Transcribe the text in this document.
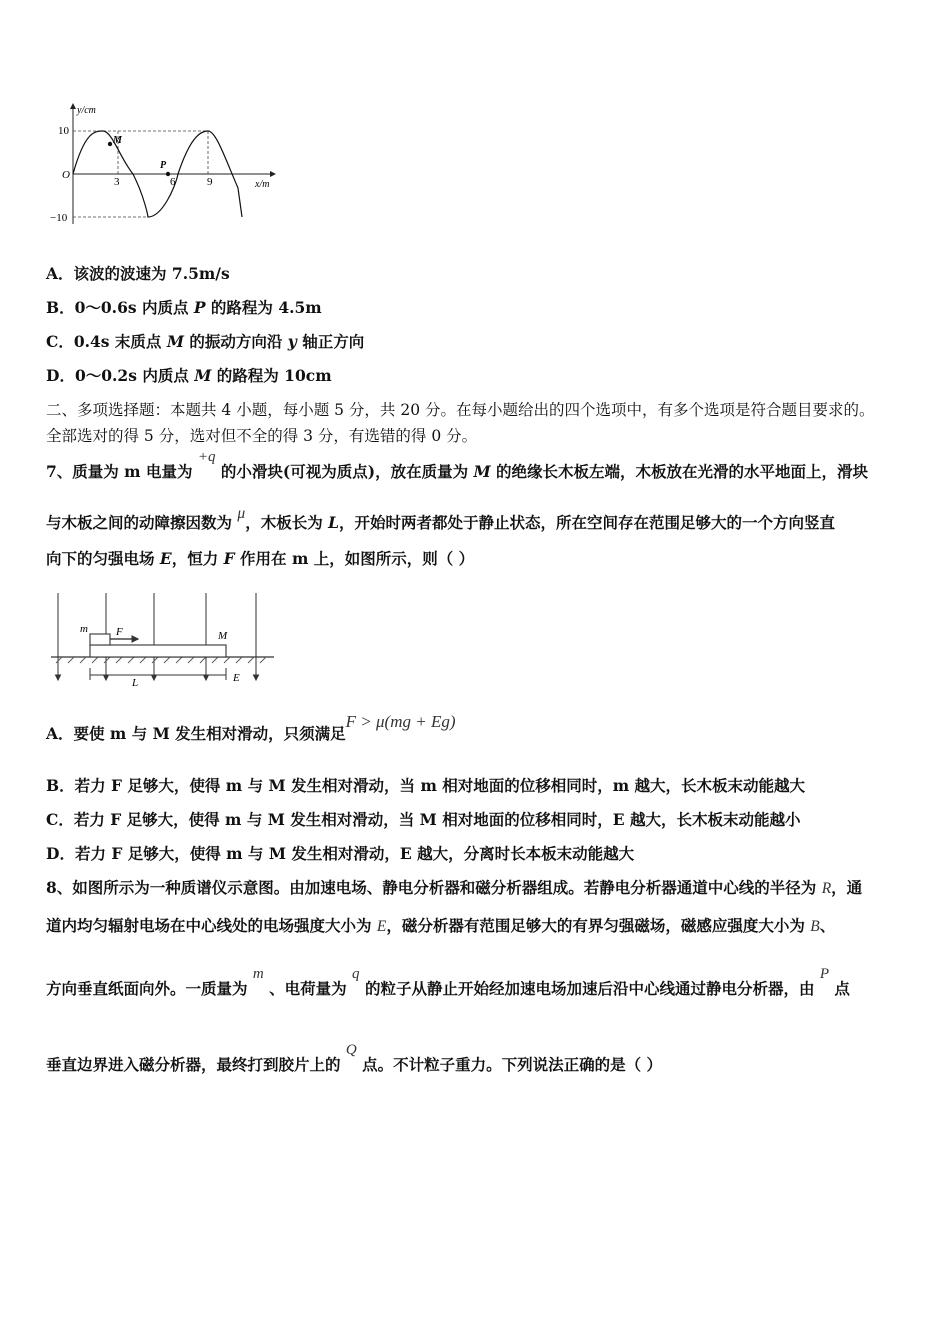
y/cm
10
−10
O
3	6	9	x/m
M
P
A．该波的波速为 7.5m/s
B．0～0.6s 内质点 P 的路程为 4.5m
C．0.4s 末质点 M 的振动方向沿 y 轴正方向
D．0～0.2s 内质点 M 的路程为 10cm
二、多项选择题：本题共 4 小题，每小题 5 分，共 20 分。在每小题给出的四个选项中，有多个选项是符合题目要求的。
全部选对的得 5 分，选对但不全的得 3 分，有选错的得 0 分。
7、质量为 m 电量为 +q 的小滑块(可视为质点)，放在质量为 M 的绝缘长木板左端，木板放在光滑的水平地面上，滑块
与木板之间的动障擦因数为 μ，木板长为 L，开始时两者都处于静止状态，所在空间存在范围足够大的一个方向竖直
向下的匀强电场 E，恒力 F 作用在 m 上，如图所示，则（ ）
m	F	M
L	E
A．要使 m 与 M 发生相对滑动，只须满足F > μ(mg + Eg)
B．若力 F 足够大，使得 m 与 M 发生相对滑动，当 m 相对地面的位移相同时，m 越大，长木板末动能越大
C．若力 F 足够大，使得 m 与 M 发生相对滑动，当 M 相对地面的位移相同时，E 越大，长木板末动能越小
D．若力 F 足够大，使得 m 与 M 发生相对滑动，E 越大，分离时长本板末动能越大
8、如图所示为一种质谱仪示意图。由加速电场、静电分析器和磁分析器组成。若静电分析器通道中心线的半径为 R，通
道内均匀辐射电场在中心线处的电场强度大小为 E，磁分析器有范围足够大的有界匀强磁场，磁感应强度大小为 B、
方向垂直纸面向外。一质量为 m 、电荷量为 q 的粒子从静止开始经加速电场加速后沿中心线通过静电分析器，由 P 点
垂直边界进入磁分析器，最终打到胶片上的 Q 点。不计粒子重力。下列说法正确的是（ ）
